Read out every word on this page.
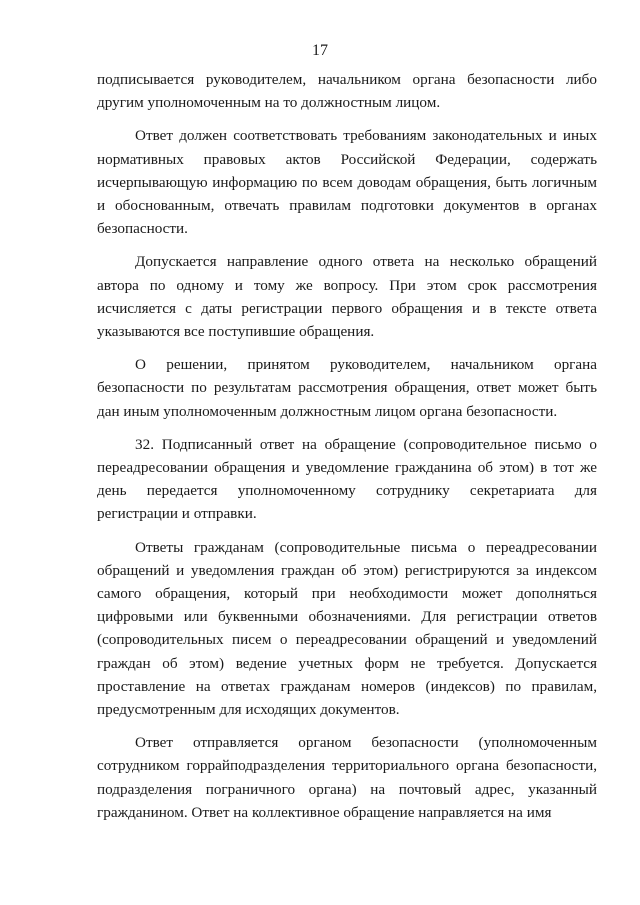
17

подписывается руководителем, начальником органа безопасности либо другим уполномоченным на то должностным лицом.

Ответ должен соответствовать требованиям законодательных и иных нормативных правовых актов Российской Федерации, содержать исчерпывающую информацию по всем доводам обращения, быть логичным и обоснованным, отвечать правилам подготовки документов в органах безопасности.

Допускается направление одного ответа на несколько обращений автора по одному и тому же вопросу. При этом срок рассмотрения исчисляется с даты регистрации первого обращения и в тексте ответа указываются все поступившие обращения.

О решении, принятом руководителем, начальником органа безопасности по результатам рассмотрения обращения, ответ может быть дан иным уполномоченным должностным лицом органа безопасности.

32. Подписанный ответ на обращение (сопроводительное письмо о переадресовании обращения и уведомление гражданина об этом) в тот же день передается уполномоченному сотруднику секретариата для регистрации и отправки.

Ответы гражданам (сопроводительные письма о переадресовании обращений и уведомления граждан об этом) регистрируются за индексом самого обращения, который при необходимости может дополняться цифровыми или буквенными обозначениями. Для регистрации ответов (сопроводительных писем о переадресовании обращений и уведомлений граждан об этом) ведение учетных форм не требуется. Допускается проставление на ответах гражданам номеров (индексов) по правилам, предусмотренным для исходящих документов.

Ответ отправляется органом безопасности (уполномоченным сотрудником горрайподразделения территориального органа безопасности, подразделения пограничного органа) на почтовый адрес, указанный гражданином. Ответ на коллективное обращение направляется на имя
